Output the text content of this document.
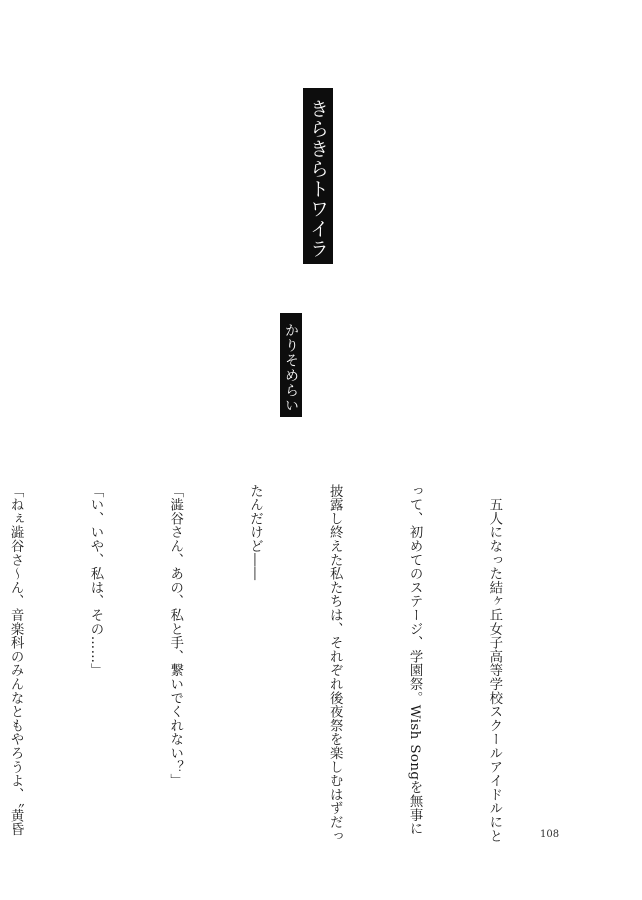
きらきらトワイライト
かりそめらいおん

　五人になった結ヶ丘女子高等学校スクールアイドルにと

って、初めてのステージ、学園祭。Wish Songを無事に

披露し終えた私たちは、それぞれ後夜祭を楽しむはずだっ

たんだけど――

「澁谷さん、あの、私と手、繋いでくれない？」

「い、いや、私は、その……」

「ねぇ澁谷さ～ん、音楽科のみんなともやろうよ、〝黄昏

	108
